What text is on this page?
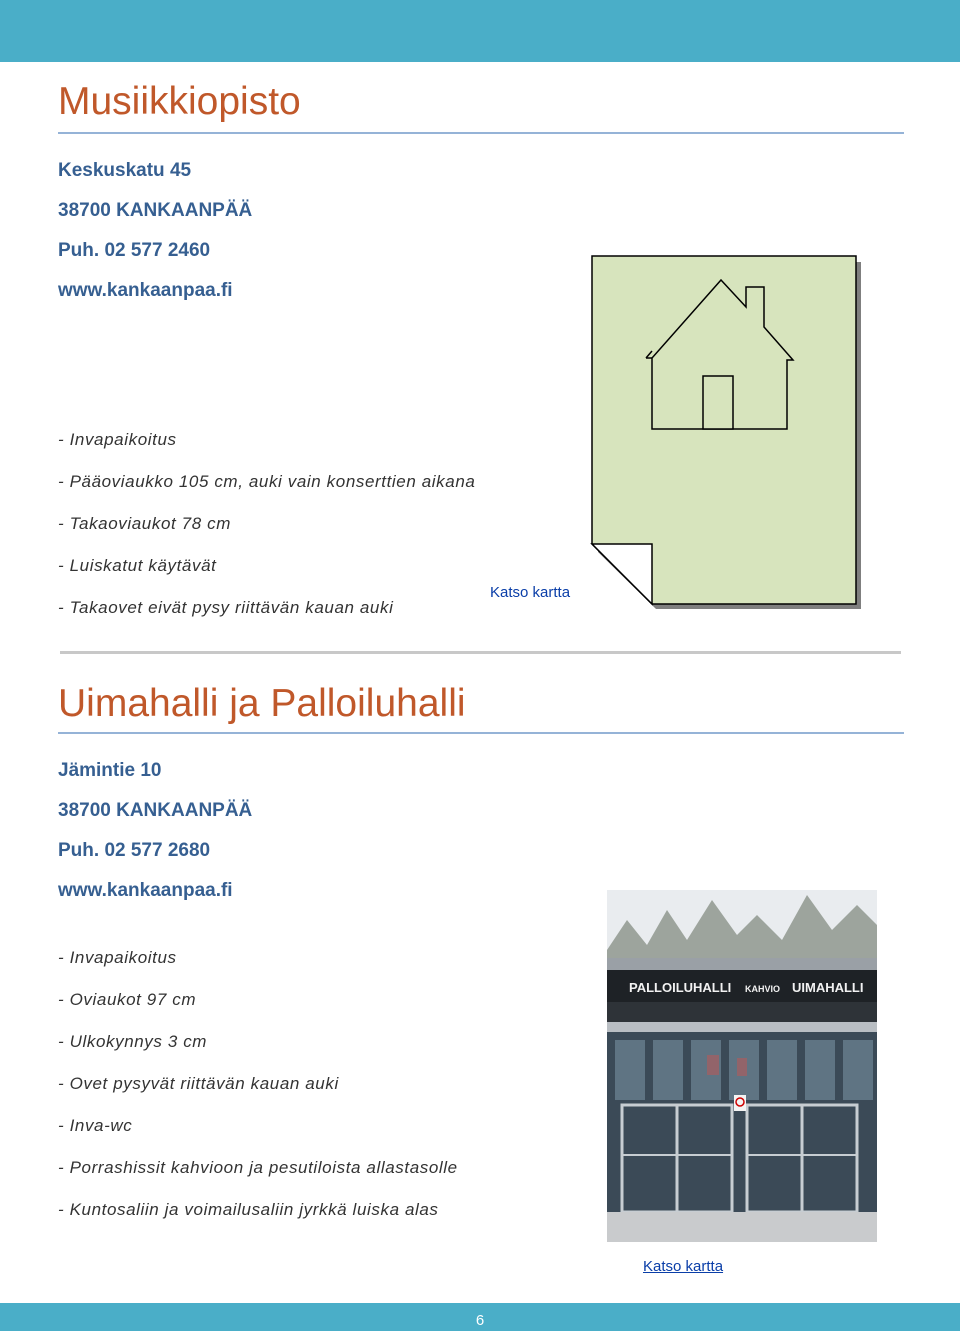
Musiikkiopisto

Keskuskatu 45

38700 KANKAANPÄÄ

Puh. 02 577 2460

www.kankaanpaa.fi

- Invapaikoitus

- Pääoviaukko 105 cm, auki vain konserttien aikana

- Takaoviaukot 78 cm

- Luiskatut käytävät

- Takaovet eivät pysy riittävän kauan auki

Katso kartta
Uimahalli ja Palloiluhalli

Jämintie 10

38700 KANKAANPÄÄ

Puh. 02 577 2680

www.kankaanpaa.fi

- Invapaikoitus

- Oviaukot 97 cm

- Ulkokynnys 3 cm

- Ovet pysyvät riittävän kauan auki

- Inva-wc

- Porrashissit kahvioon ja pesutiloista allastasolle

- Kuntosaliin ja voimailusaliin jyrkkä luiska alas

PALLOILUHALLI KAHVIO UIMAHALLI
Katso kartta
6
